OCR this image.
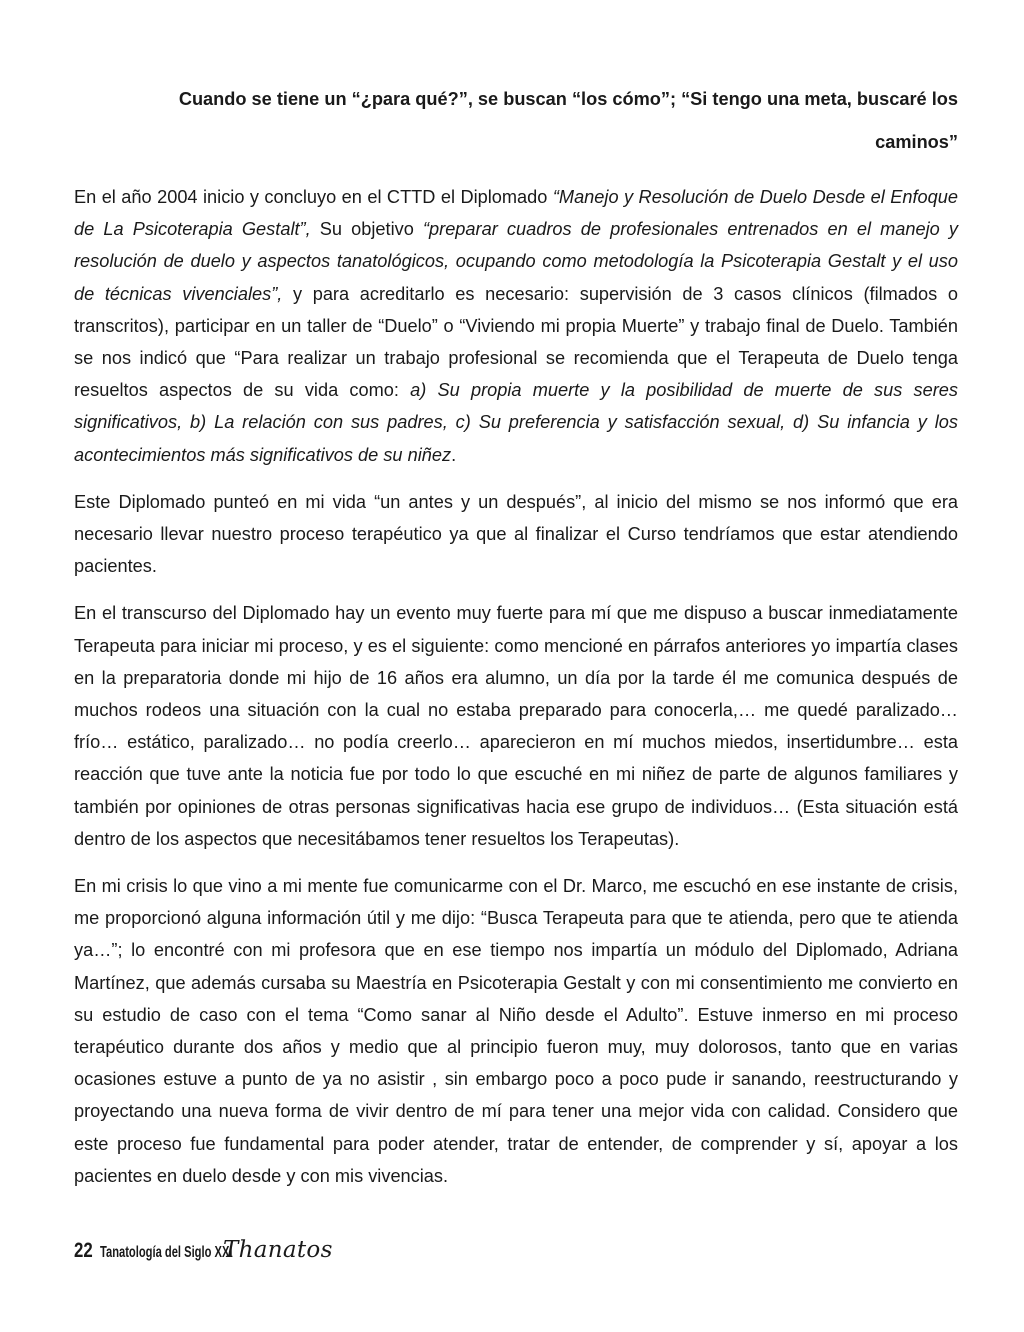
Cuando se tiene un “¿para qué?”, se buscan “los cómo”; “Si tengo una meta, buscaré los
caminos”

En el año 2004 inicio y concluyo en el CTTD el Diplomado “Manejo y Resolución de Duelo Desde el Enfoque de La Psicoterapia Gestalt”, Su objetivo “preparar cuadros de profesionales entrenados en el manejo y resolución de duelo y aspectos tanatológicos, ocupando como metodología la Psicoterapia Gestalt y el uso de técnicas vivenciales”, y para acreditarlo es necesario: supervisión de 3 casos clínicos (filmados o transcritos), participar en un taller de “Duelo” o “Viviendo mi propia Muerte” y trabajo final de Duelo. También se nos indicó que “Para realizar un trabajo profesional se recomienda que el Terapeuta de Duelo tenga resueltos aspectos de su vida como: a) Su propia muerte y la posibilidad de muerte de sus seres significativos, b) La relación con sus padres, c) Su preferencia y satisfacción sexual, d) Su infancia y los acontecimientos más significativos de su niñez.

Este Diplomado punteó en mi vida “un antes y un después”, al inicio del mismo se nos informó que era necesario llevar nuestro proceso terapéutico ya que al finalizar el Curso tendríamos que estar atendiendo pacientes.

En el transcurso del Diplomado hay un evento muy fuerte para mí que me dispuso a buscar inmediatamente Terapeuta para iniciar mi proceso, y es el siguiente: como mencioné en párrafos anteriores yo impartía clases en la preparatoria donde mi hijo de 16 años era alumno, un día por la tarde él me comunica después de muchos rodeos una situación con la cual no estaba preparado para conocerla,… me quedé paralizado… frío… estático, paralizado… no podía creerlo… aparecieron en mí muchos miedos, insertidumbre… esta reacción que tuve ante la noticia fue por todo lo que escuché en mi niñez de parte de algunos familiares y también por opiniones de otras personas significativas hacia ese grupo de individuos… (Esta situación está dentro de los aspectos que necesitábamos tener resueltos los Terapeutas).

En mi crisis lo que vino a mi mente fue comunicarme con el Dr. Marco, me escuchó en ese instante de crisis, me proporcionó alguna información útil y me dijo: “Busca Terapeuta para que te atienda, pero que te atienda ya…”; lo encontré con mi profesora que en ese tiempo nos impartía un módulo del Diplomado, Adriana Martínez, que además cursaba su Maestría en Psicoterapia Gestalt y con mi consentimiento me convierto en su estudio de caso con el tema “Como sanar al Niño desde el Adulto”. Estuve inmerso en mi proceso terapéutico durante dos años y medio que al principio fueron muy, muy dolorosos, tanto que en varias ocasiones estuve a punto de ya no asistir , sin embargo poco a poco pude ir sanando, reestructurando y proyectando una nueva forma de vivir dentro de mí para tener una mejor vida con calidad. Considero que este proceso fue fundamental para poder atender, tratar de entender, de comprender y sí, apoyar a los pacientes en duelo desde y con mis vivencias.

22 Tanatología del Siglo XXI
Thanatos
